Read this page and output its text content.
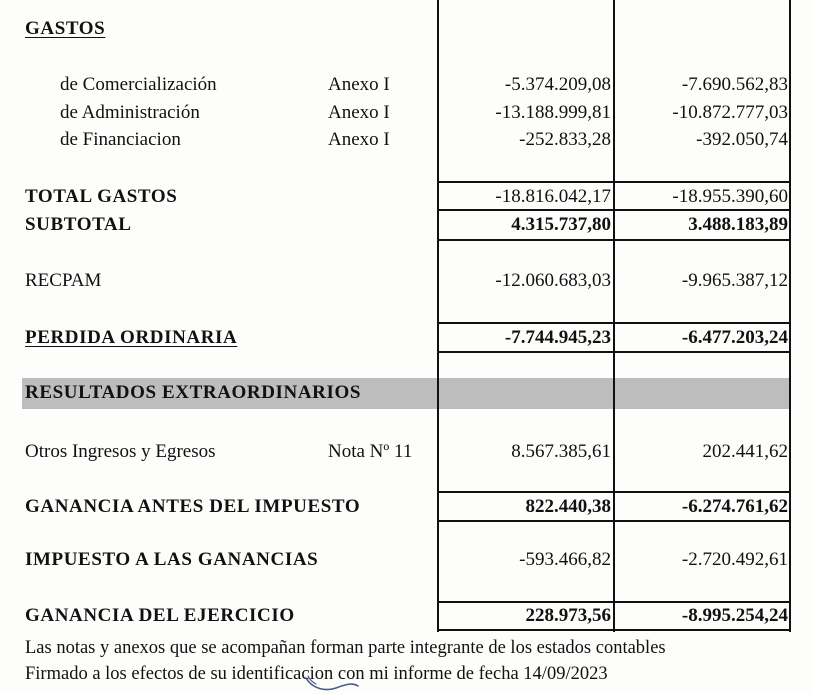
GASTOS
de Comercialización	Anexo I	-5.374.209,08	-7.690.562,83
de Administración	Anexo I	-13.188.999,81	-10.872.777,03
de Financiacion	Anexo I	-252.833,28	-392.050,74
TOTAL GASTOS	-18.816.042,17	-18.955.390,60
SUBTOTAL	4.315.737,80	3.488.183,89
RECPAM	-12.060.683,03	-9.965.387,12
PERDIDA ORDINARIA	-7.744.945,23	-6.477.203,24
RESULTADOS EXTRAORDINARIOS
Otros Ingresos y Egresos	Nota Nº 11	8.567.385,61	202.441,62
GANANCIA ANTES DEL IMPUESTO	822.440,38	-6.274.761,62
IMPUESTO A LAS GANANCIAS	-593.466,82	-2.720.492,61
GANANCIA DEL EJERCICIO	228.973,56	-8.995.254,24
Las notas y anexos que se acompañan forman parte integrante de los estados contables
Firmado a los efectos de su identificacion con mi informe de fecha 14/09/2023
